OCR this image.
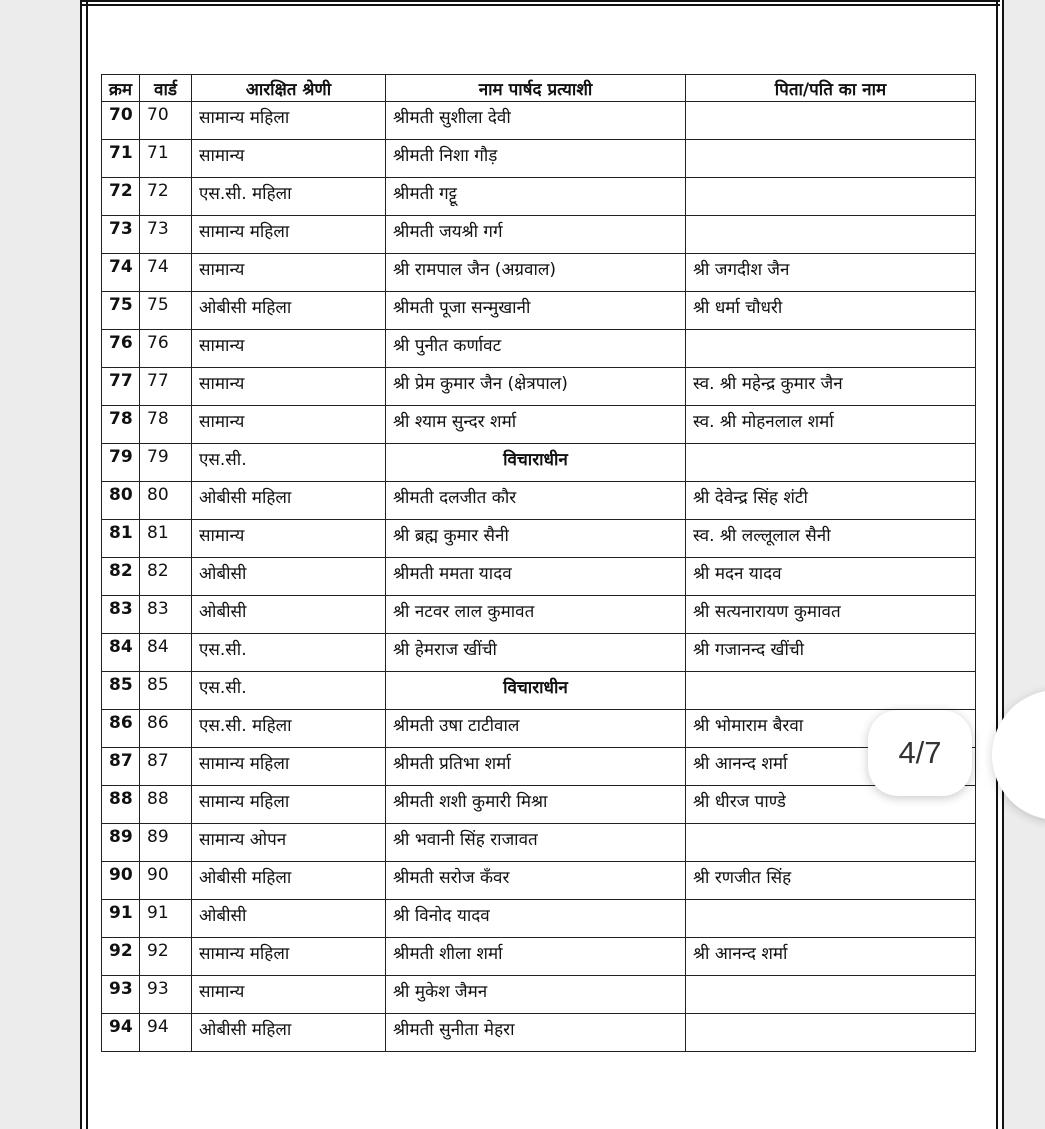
क्रम	वार्ड	आरक्षित श्रेणी	नाम पार्षद प्रत्याशी	पिता/पति का नाम
70	70	सामान्य महिला	श्रीमती सुशीला देवी	
71	71	सामान्य	श्रीमती निशा गौड़	
72	72	एस.सी. महिला	श्रीमती गट्टू	
73	73	सामान्य महिला	श्रीमती जयश्री गर्ग	
74	74	सामान्य	श्री रामपाल जैन (अग्रवाल)	श्री जगदीश जैन
75	75	ओबीसी महिला	श्रीमती पूजा सन्मुखानी	श्री धर्मा चौधरी
76	76	सामान्य	श्री पुनीत कर्णावट	
77	77	सामान्य	श्री प्रेम कुमार जैन (क्षेत्रपाल)	स्व. श्री महेन्द्र कुमार जैन
78	78	सामान्य	श्री श्याम सुन्दर शर्मा	स्व. श्री मोहनलाल शर्मा
79	79	एस.सी.	विचाराधीन	
80	80	ओबीसी महिला	श्रीमती दलजीत कौर	श्री देवेन्द्र सिंह शंटी
81	81	सामान्य	श्री ब्रह्म कुमार सैनी	स्व. श्री लल्लूलाल सैनी
82	82	ओबीसी	श्रीमती ममता यादव	श्री मदन यादव
83	83	ओबीसी	श्री नटवर लाल कुमावत	श्री सत्यनारायण कुमावत
84	84	एस.सी.	श्री हेमराज खींची	श्री गजानन्द खींची
85	85	एस.सी.	विचाराधीन	
86	86	एस.सी. महिला	श्रीमती उषा टाटीवाल	श्री भोमाराम बैरवा
87	87	सामान्य महिला	श्रीमती प्रतिभा शर्मा	श्री आनन्द शर्मा
88	88	सामान्य महिला	श्रीमती शशी कुमारी मिश्रा	श्री धीरज पाण्डे
89	89	सामान्य ओपन	श्री भवानी सिंह राजावत	
90	90	ओबीसी महिला	श्रीमती सरोज कँवर	श्री रणजीत सिंह
91	91	ओबीसी	श्री विनोद यादव	
92	92	सामान्य महिला	श्रीमती शीला शर्मा	श्री आनन्द शर्मा
93	93	सामान्य	श्री मुकेश जैमन	
94	94	ओबीसी महिला	श्रीमती सुनीता मेहरा	
4/7
